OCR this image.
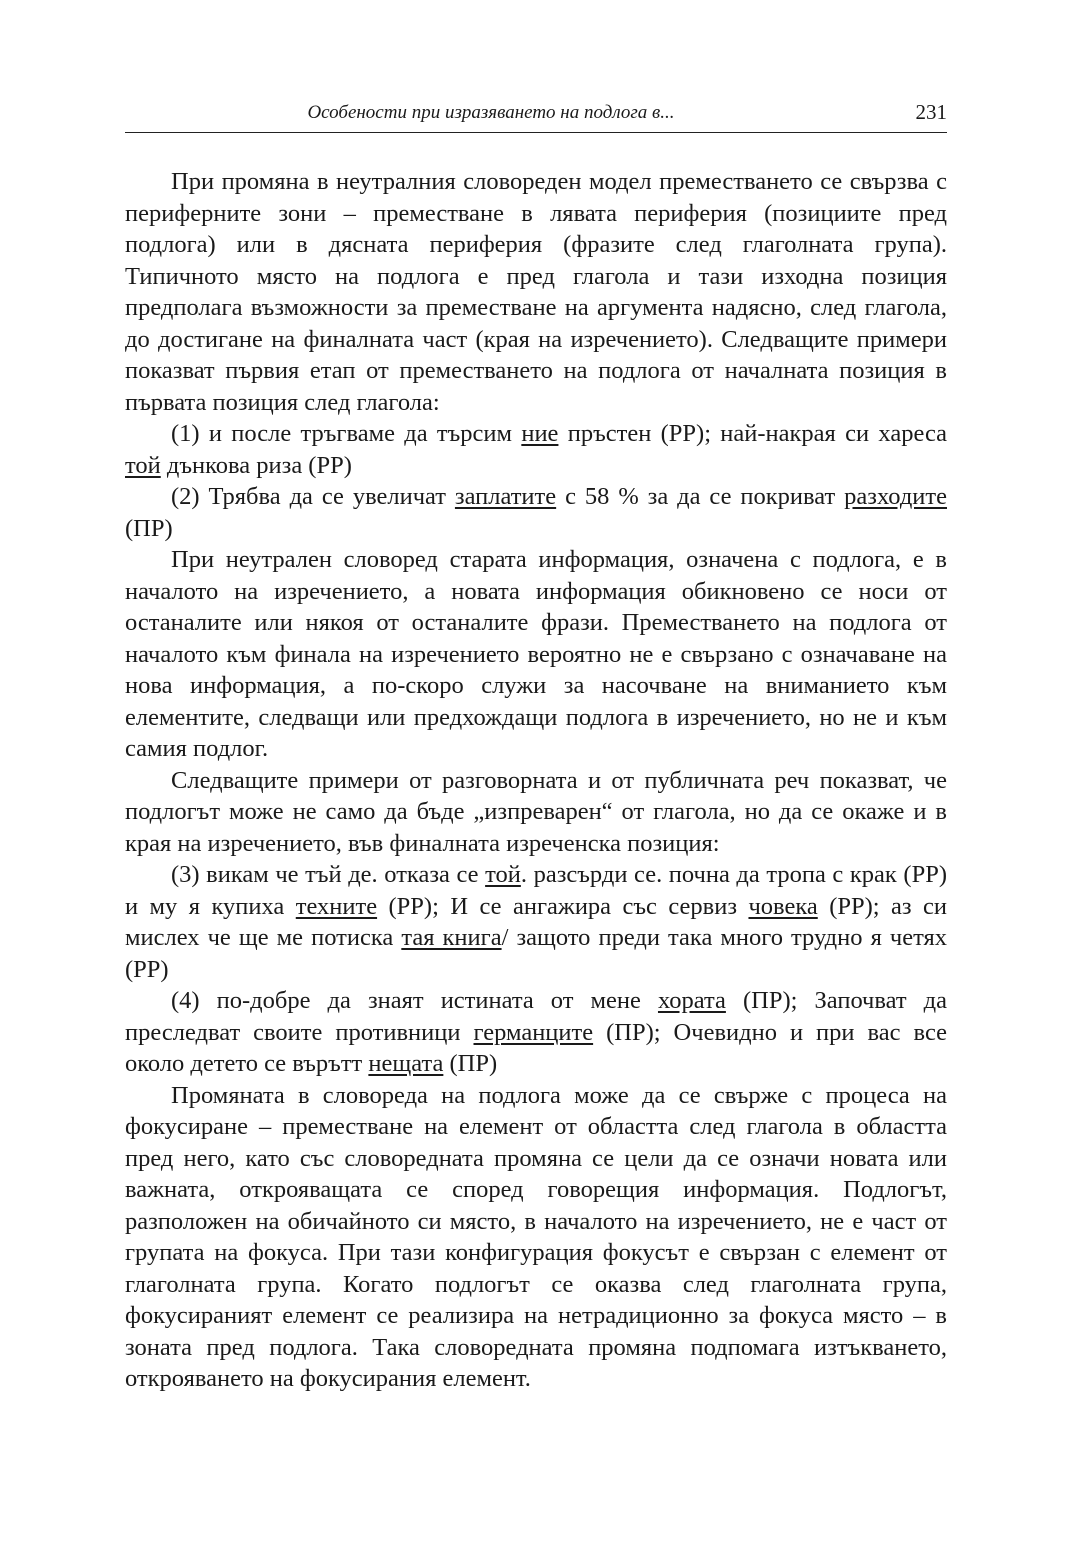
Особености при изразяването на подлога в...	231

При промяна в неутралния словореден модел преместването се свързва с периферните зони – преместване в лявата периферия (позициите пред подлога) или в дясната периферия (фразите след глаголната група). Типичното място на подлога е пред глагола и тази изходна позиция предполага възможности за преместване на аргумента надясно, след глагола, до достигане на финалната част (края на изречението). Следващите примери показват първия етап от преместването на подлога от началната позиция в първата позиция след глагола:

(1) и после тръгваме да търсим ние пръстен (РР); най-накрая си хареса той дънкова риза (РР)

(2) Трябва да се увеличат заплатите с 58 % за да се покриват разходите (ПР)

При неутрален словоред старата информация, означена с подлога, е в началото на изречението, а новата информация обикновено се носи от останалите или някоя от останалите фрази. Преместването на подлога от началото към финала на изречението вероятно не е свързано с означаване на нова информация, а по-скоро служи за насочване на вниманието към елементите, следващи или предхождащи подлога в изречението, но не и към самия подлог.

Следващите примери от разговорната и от публичната реч показват, че подлогът може не само да бъде „изпреварен“ от глагола, но да се окаже и в края на изречението, във финалната изреченска позиция:

(3) викам че тъй де. отказа се той. разсърди се. почна да тропа с крак (РР) и му я купиха техните (РР); И се ангажира със сервиз човека (РР); аз си мислех че ще ме потиска тая книга/ защото преди така много трудно я четях (РР)

(4) по-добре да знаят истината от мене хората (ПР); Започват да преследват своите противници германците (ПР); Очевидно и при вас все около детето се върътт нещата (ПР)

Промяната в словореда на подлога може да се свърже с процеса на фокусиране – преместване на елемент от областта след глагола в областта пред него, като със словоредната промяна се цели да се означи новата или важната, открояващата се според говорещия информация. Подлогът, разположен на обичайното си място, в началото на изречението, не е част от групата на фокуса. При тази конфигурация фокусът е свързан с елемент от глаголната група. Когато подлогът се оказва след глаголната група, фокусираният елемент се реализира на нетрадиционно за фокуса място – в зоната пред подлога. Така словоредната промяна подпомага изтъкването, открояването на фокусирания елемент.
